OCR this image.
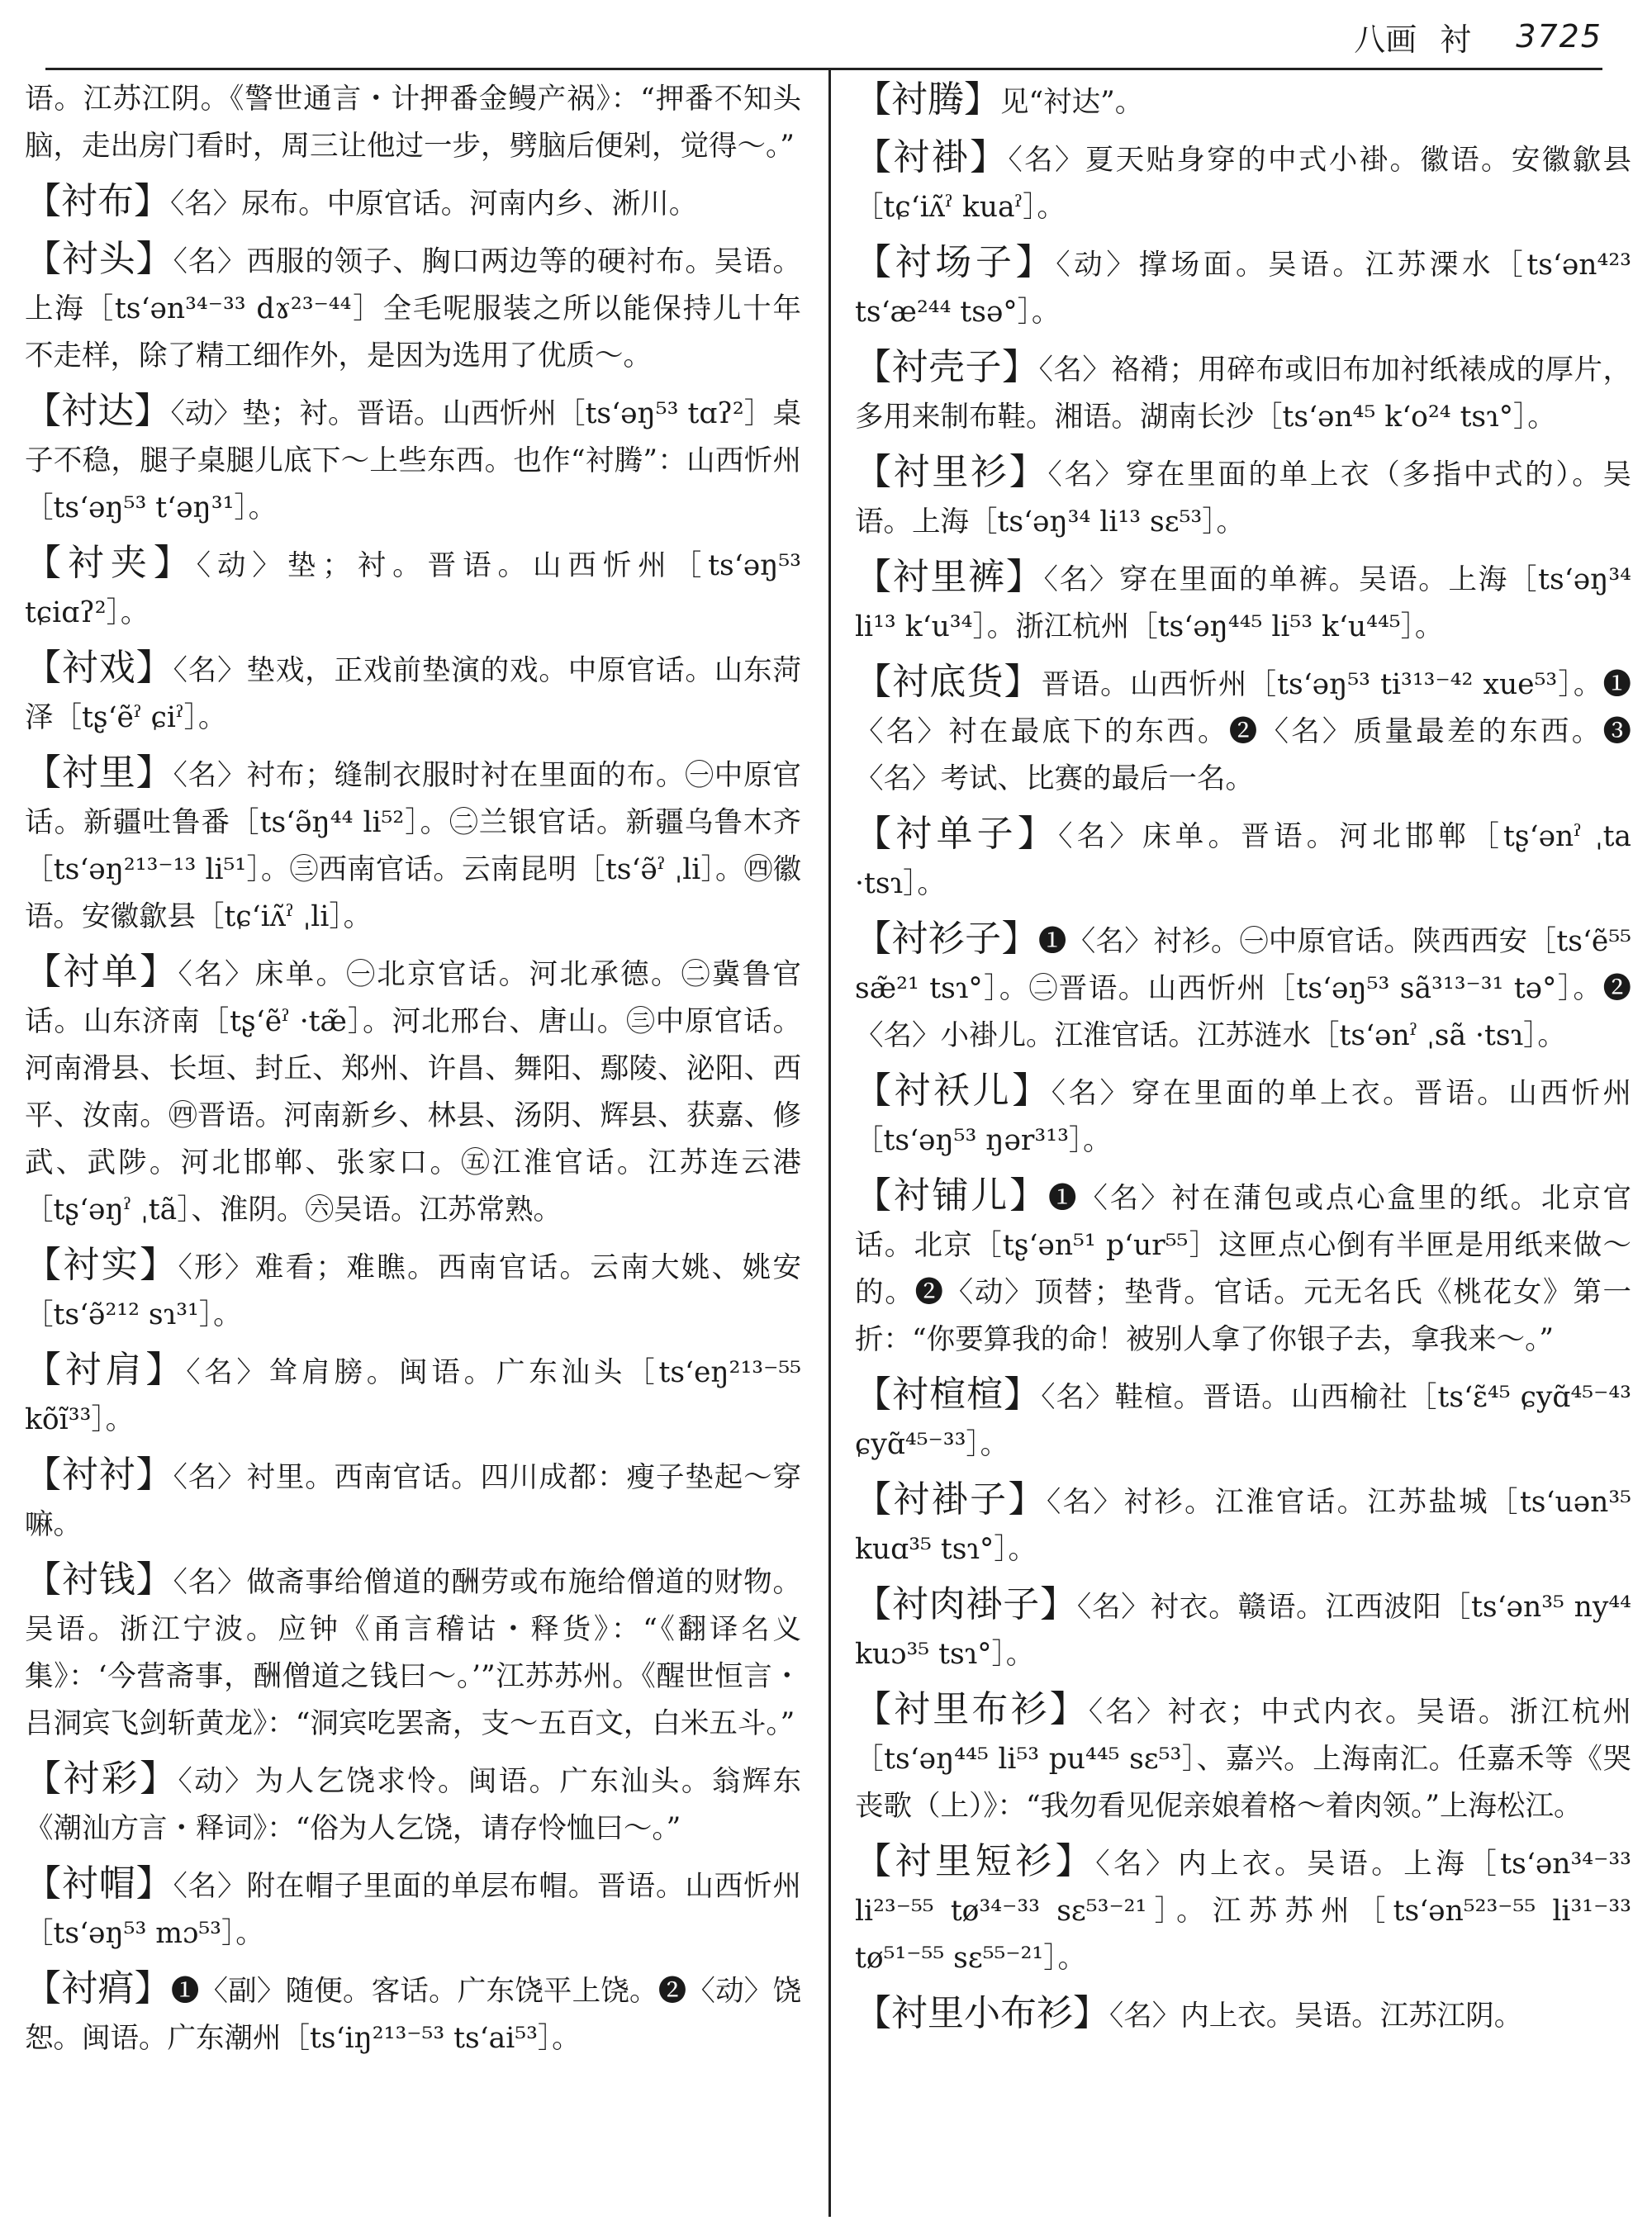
八画 衬 3725
语。江苏江阴。《警世通言・计押番金鳗产祸》：“押番不知头脑，走出房门看时，周三让他过一步，劈脑后便剁，觉得～。”
【衬布】〈名〉尿布。中原官话。河南内乡、淅川。
【衬头】〈名〉西服的领子、胸口两边等的硬衬布。吴语。上海［tsʻən³⁴⁻³³ dɤ²³⁻⁴⁴］全毛呢服装之所以能保持儿十年不走样，除了精工细作外，是因为选用了优质～。
【衬达】〈动〉垫；衬。晋语。山西忻州［tsʻəŋ⁵³ tɑʔ²］桌子不稳，腿子桌腿儿底下～上些东西。也作“衬腾”：山西忻州［tsʻəŋ⁵³ tʻəŋ³¹］。
【衬夹】〈动〉垫；衬。晋语。山西忻州［tsʻəŋ⁵³ tɕiɑʔ²］。
【衬戏】〈名〉垫戏，正戏前垫演的戏。中原官话。山东菏泽［tʂʻẽˀ ɕiˀ］。
【衬里】〈名〉衬布；缝制衣服时衬在里面的布。㊀中原官话。新疆吐鲁番［tsʻə̃ŋ⁴⁴ li⁵²］。㊁兰银官话。新疆乌鲁木齐［tsʻəŋ²¹³⁻¹³ li⁵¹］。㊂西南官话。云南昆明［tsʻə̃ˀ ˌli］。㊃徽语。安徽歙县［tɕʻiʌ̃ˀ ˌli］。
【衬单】〈名〉床单。㊀北京官话。河北承德。㊁冀鲁官话。山东济南［tʂʻẽˀ ·tæ̃］。河北邢台、唐山。㊂中原官话。河南滑县、长垣、封丘、郑州、许昌、舞阳、鄢陵、泌阳、西平、汝南。㊃晋语。河南新乡、林县、汤阴、辉县、获嘉、修武、武陟。河北邯郸、张家口。㊄江淮官话。江苏连云港［tʂʻəŋˀ ˌtã］、淮阴。㊅吴语。江苏常熟。
【衬实】〈形〉难看；难瞧。西南官话。云南大姚、姚安［tsʻə̃²¹² sɿ³¹］。
【衬肩】〈名〉耸肩膀。闽语。广东汕头［tsʻeŋ²¹³⁻⁵⁵ kõĩ³³］。
【衬衬】〈名〉衬里。西南官话。四川成都：瘦子垫起～穿嘛。
【衬钱】〈名〉做斋事给僧道的酬劳或布施给僧道的财物。吴语。浙江宁波。应钟《甬言稽诂・释货》：“《翻译名义集》：‘今营斋事，酬僧道之钱曰～。’”江苏苏州。《醒世恒言・吕洞宾飞剑斩黄龙》：“洞宾吃罢斋，支～五百文，白米五斗。”
【衬彩】〈动〉为人乞饶求怜。闽语。广东汕头。翁辉东《潮汕方言・释词》：“俗为人乞饶，请存怜恤曰～。”
【衬帽】〈名〉附在帽子里面的单层布帽。晋语。山西忻州［tsʻəŋ⁵³ mɔ⁵³］。
【衬㾓】❶〈副〉随便。客话。广东饶平上饶。❷〈动〉饶恕。闽语。广东潮州［tsʻiŋ²¹³⁻⁵³ tsʻai⁵³］。
【衬腾】见“衬达”。
【衬褂】〈名〉夏天贴身穿的中式小褂。徽语。安徽歙县［tɕʻiʌ̃ˀ kuaˀ］。
【衬场子】〈动〉撑场面。吴语。江苏溧水［tsʻən⁴²³ tsʻæ²⁴⁴ tsə°］。
【衬壳子】〈名〉袼褙；用碎布或旧布加衬纸裱成的厚片，多用来制布鞋。湘语。湖南长沙［tsʻən⁴⁵ kʻo²⁴ tsɿ°］。
【衬里衫】〈名〉穿在里面的单上衣（多指中式的）。吴语。上海［tsʻəŋ³⁴ li¹³ sɛ⁵³］。
【衬里裤】〈名〉穿在里面的单裤。吴语。上海［tsʻəŋ³⁴ li¹³ kʻu³⁴］。浙江杭州［tsʻəŋ⁴⁴⁵ li⁵³ kʻu⁴⁴⁵］。
【衬底货】晋语。山西忻州［tsʻəŋ⁵³ ti³¹³⁻⁴² xue⁵³］。❶〈名〉衬在最底下的东西。❷〈名〉质量最差的东西。❸〈名〉考试、比赛的最后一名。
【衬单子】〈名〉床单。晋语。河北邯郸［tʂʻənˀ ˌta ·tsɿ］。
【衬衫子】❶〈名〉衬衫。㊀中原官话。陕西西安［tsʻẽ⁵⁵ sæ̃²¹ tsɿ°］。㊁晋语。山西忻州［tsʻəŋ⁵³ sã³¹³⁻³¹ tə°］。❷〈名〉小褂儿。江淮官话。江苏涟水［tsʻənˀ ˌsã ·tsɿ］。
【衬袄儿】〈名〉穿在里面的单上衣。晋语。山西忻州［tsʻəŋ⁵³ ŋər³¹³］。
【衬铺儿】❶〈名〉衬在蒲包或点心盒里的纸。北京官话。北京［tʂʻən⁵¹ pʻur⁵⁵］这匣点心倒有半匣是用纸来做～的。❷〈动〉顶替；垫背。官话。元无名氏《桃花女》第一折：“你要算我的命！被别人拿了你银子去，拿我来～。”
【衬楦楦】〈名〉鞋楦。晋语。山西榆社［tsʻɛ̃⁴⁵ ɕyɑ̃⁴⁵⁻⁴³ ɕyɑ̃⁴⁵⁻³³］。
【衬褂子】〈名〉衬衫。江淮官话。江苏盐城［tsʻuən³⁵ kuɑ³⁵ tsɿ°］。
【衬肉褂子】〈名〉衬衣。赣语。江西波阳［tsʻən³⁵ ny⁴⁴ kuɔ³⁵ tsɿ°］。
【衬里布衫】〈名〉衬衣；中式内衣。吴语。浙江杭州［tsʻəŋ⁴⁴⁵ li⁵³ pu⁴⁴⁵ sɛ⁵³］、嘉兴。上海南汇。任嘉禾等《哭丧歌（上）》：“我勿看见伲亲娘着格～着肉领。”上海松江。
【衬里短衫】〈名〉内上衣。吴语。上海［tsʻən³⁴⁻³³ li²³⁻⁵⁵ tø³⁴⁻³³ sɛ⁵³⁻²¹］。江苏苏州［tsʻən⁵²³⁻⁵⁵ li³¹⁻³³ tø⁵¹⁻⁵⁵ sɛ⁵⁵⁻²¹］。
【衬里小布衫】〈名〉内上衣。吴语。江苏江阴。
